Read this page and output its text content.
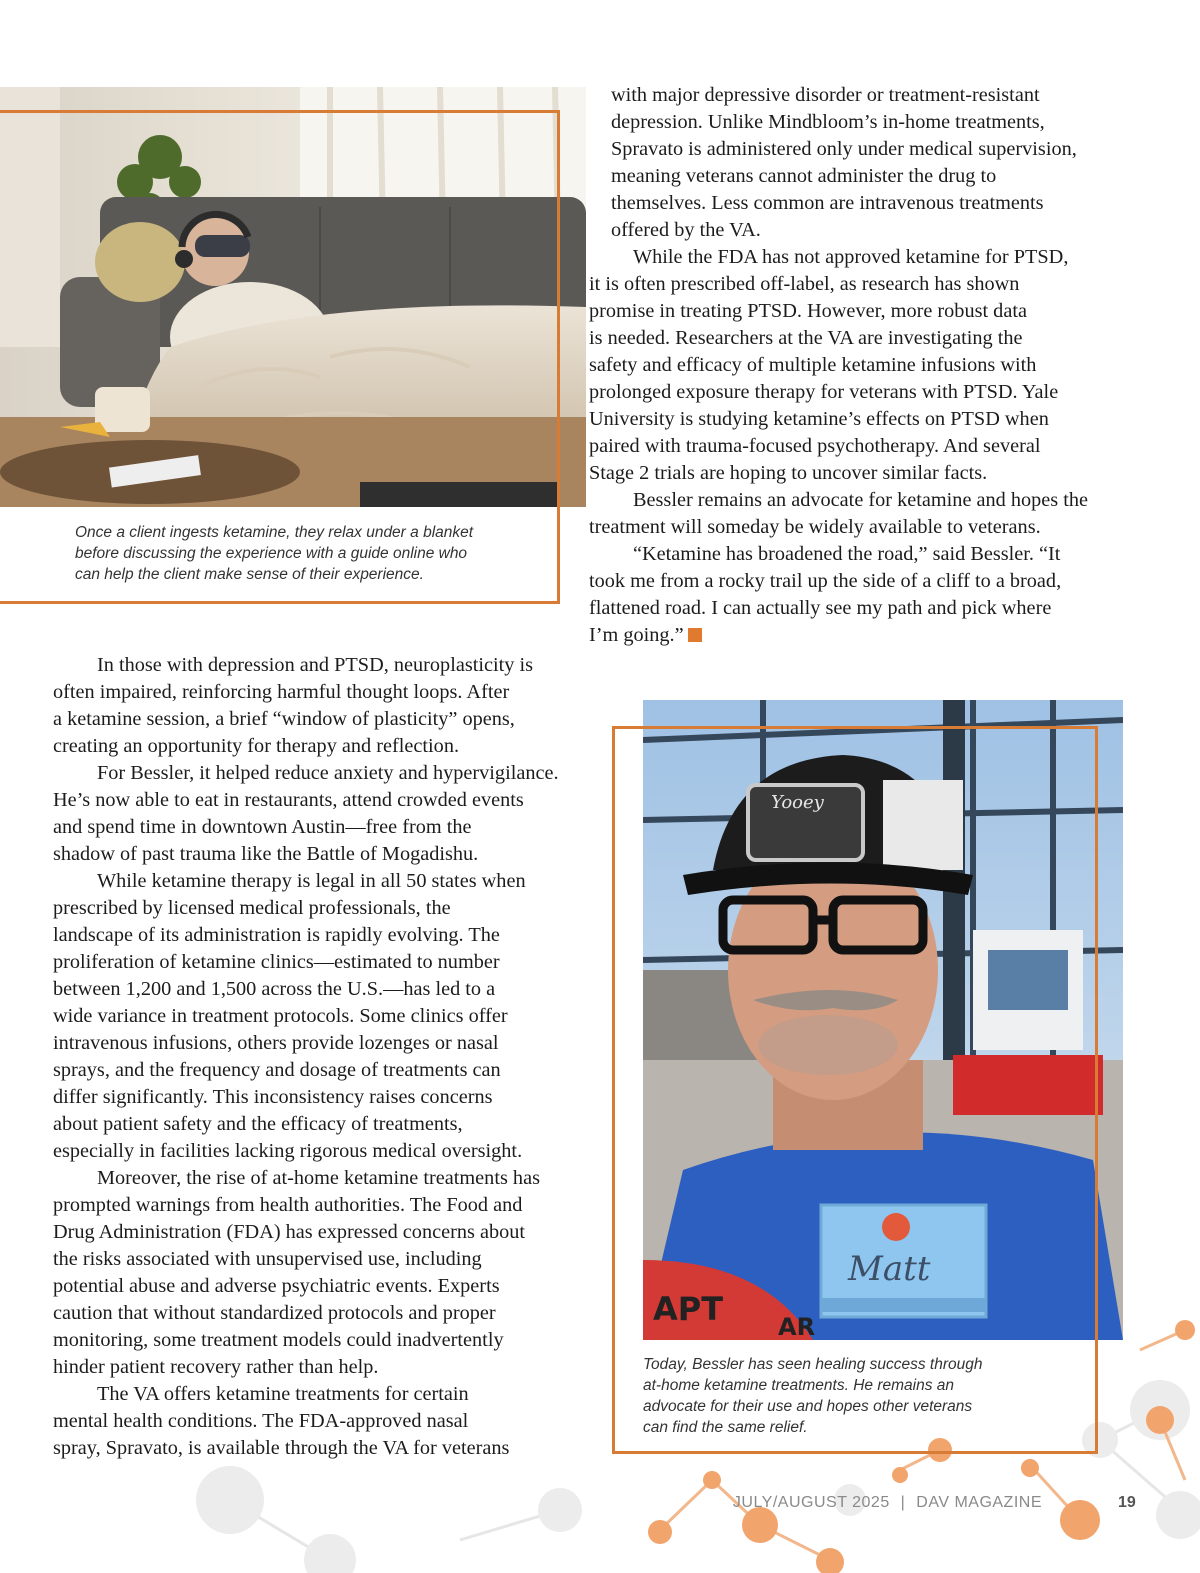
Once a client ingests ketamine, they relax under a blanket
before discussing the experience with a guide online who
can help the client make sense of their experience.

with major depressive disorder or treatment-resistant
depression. Unlike Mindbloom’s in-home treatments,
Spravato is administered only under medical supervision,
meaning veterans cannot administer the drug to
themselves. Less common are intravenous treatments
offered by the VA.

While the FDA has not approved ketamine for PTSD,
it is often prescribed off-label, as research has shown
promise in treating PTSD. However, more robust data
is needed. Researchers at the VA are investigating the
safety and efficacy of multiple ketamine infusions with
prolonged exposure therapy for veterans with PTSD. Yale
University is studying ketamine’s effects on PTSD when
paired with trauma-focused psychotherapy. And several
Stage 2 trials are hoping to uncover similar facts.

Bessler remains an advocate for ketamine and hopes the
treatment will someday be widely available to veterans.

“Ketamine has broadened the road,” said Bessler. “It
took me from a rocky trail up the side of a cliff to a broad,
flattened road. I can actually see my path and pick where
I’m going.”

In those with depression and PTSD, neuroplasticity is
often impaired, reinforcing harmful thought loops. After
a ketamine session, a brief “window of plasticity” opens,
creating an opportunity for therapy and reflection.

For Bessler, it helped reduce anxiety and hypervigilance.
He’s now able to eat in restaurants, attend crowded events
and spend time in downtown Austin—free from the
shadow of past trauma like the Battle of Mogadishu.

While ketamine therapy is legal in all 50 states when
prescribed by licensed medical professionals, the
landscape of its administration is rapidly evolving. The
proliferation of ketamine clinics—estimated to number
between 1,200 and 1,500 across the U.S.—has led to a
wide variance in treatment protocols. Some clinics offer
intravenous infusions, others provide lozenges or nasal
sprays, and the frequency and dosage of treatments can
differ significantly. This inconsistency raises concerns
about patient safety and the efficacy of treatments,
especially in facilities lacking rigorous medical oversight.

Moreover, the rise of at-home ketamine treatments has
prompted warnings from health authorities. The Food and
Drug Administration (FDA) has expressed concerns about
the risks associated with unsupervised use, including
potential abuse and adverse psychiatric events. Experts
caution that without standardized protocols and proper
monitoring, some treatment models could inadvertently
hinder patient recovery rather than help.

The VA offers ketamine treatments for certain
mental health conditions. The FDA-approved nasal
spray, Spravato, is available through the VA for veterans

Matt
APT AR
Yooey
Today, Bessler has seen healing success through
at-home ketamine treatments. He remains an
advocate for their use and hopes other veterans
can find the same relief.
JULY/AUGUST 2025 | DAV MAGAZINE	19
